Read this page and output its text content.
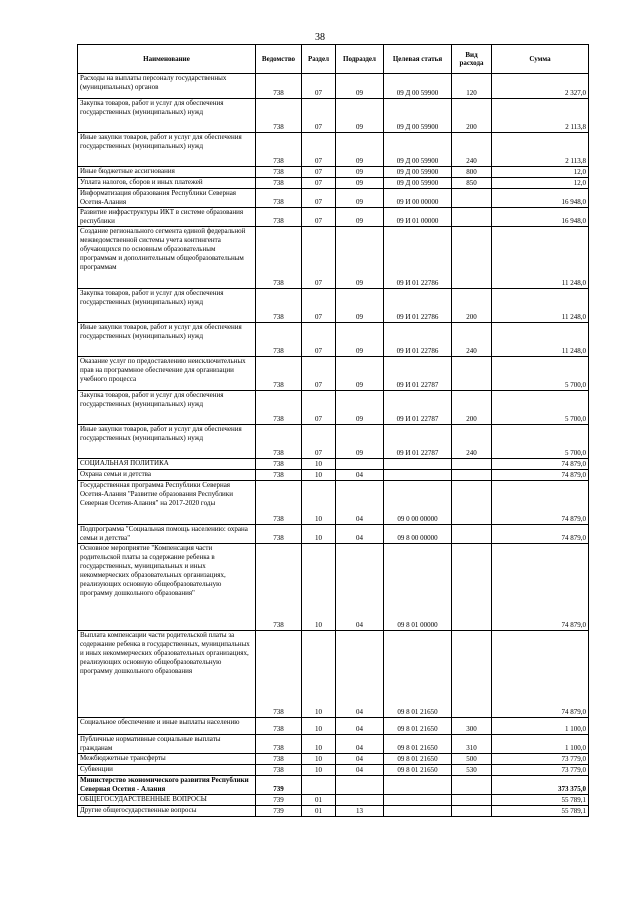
38
Наименование	Ведомство	Раздел	Подраздел	Целевая статья	Вид расхода	Сумма
Расходы на выплаты персоналу государственных (муниципальных) органов	738	07	09	09 Д 00 59900	120	2 327,0
Закупка товаров, работ и услуг для обеспечения государственных (муниципальных) нужд	738	07	09	09 Д 00 59900	200	2 113,8
Иные закупки товаров, работ и услуг для обеспечения государственных (муниципальных) нужд	738	07	09	09 Д 00 59900	240	2 113,8
Иные бюджетные ассигнования	738	07	09	09 Д 00 59900	800	12,0
Уплата налогов, сборов и иных платежей	738	07	09	09 Д 00 59900	850	12,0
Информатизация образования Республики Северная Осетия-Алания	738	07	09	09 И 00 00000		16 948,0
Развитие инфраструктуры ИКТ в системе образования республики	738	07	09	09 И 01 00000		16 948,0
Создание регионального сегмента единой федеральной межведомственной системы учета контингента обучающихся по основным образовательным программам и дополнительным общеобразовательным программам	738	07	09	09 И 01 22786		11 248,0
Закупка товаров, работ и услуг для обеспечения государственных (муниципальных) нужд	738	07	09	09 И 01 22786	200	11 248,0
Иные закупки товаров, работ и услуг для обеспечения государственных (муниципальных) нужд	738	07	09	09 И 01 22786	240	11 248,0
Оказание услуг по предоставлению неисключительных прав на программное обеспечение для организации учебного процесса	738	07	09	09 И 01 22787		5 700,0
Закупка товаров, работ и услуг для обеспечения государственных (муниципальных) нужд	738	07	09	09 И 01 22787	200	5 700,0
Иные закупки товаров, работ и услуг для обеспечения государственных (муниципальных) нужд	738	07	09	09 И 01 22787	240	5 700,0
СОЦИАЛЬНАЯ ПОЛИТИКА	738	10				74 879,0
Охрана семьи и детства	738	10	04			74 879,0
Государственная программа Республики Северная Осетия-Алания "Развитие образования Республики Северная Осетия-Алания" на 2017-2020 годы	738	10	04	09 0 00 00000		74 879,0
Подпрограмма "Социальная помощь населению: охрана семьи и детства"	738	10	04	09 8 00 00000		74 879,0
Основное мероприятие "Компенсация части родительской платы за содержание ребенка в государственных, муниципальных и иных некоммерческих образовательных организациях, реализующих основную общеобразовательную программу дошкольного образования"	738	10	04	09 8 01 00000		74 879,0
Выплата компенсации части родительской платы за содержание ребенка в государственных, муниципальных и иных некоммерческих образовательных организациях, реализующих основную общеобразовательную программу дошкольного образования	738	10	04	09 8 01 21650		74 879,0
Социальное обеспечение и иные выплаты населению	738	10	04	09 8 01 21650	300	1 100,0
Публичные нормативные социальные выплаты гражданам	738	10	04	09 8 01 21650	310	1 100,0
Межбюджетные трансферты	738	10	04	09 8 01 21650	500	73 779,0
Субвенции	738	10	04	09 8 01 21650	530	73 779,0
Министерство экономического развития Республики Северная Осетия - Алания	739					373 375,0
ОБЩЕГОСУДАРСТВЕННЫЕ ВОПРОСЫ	739	01				55 789,1
Другие общегосударственные вопросы	739	01	13			55 789,1
